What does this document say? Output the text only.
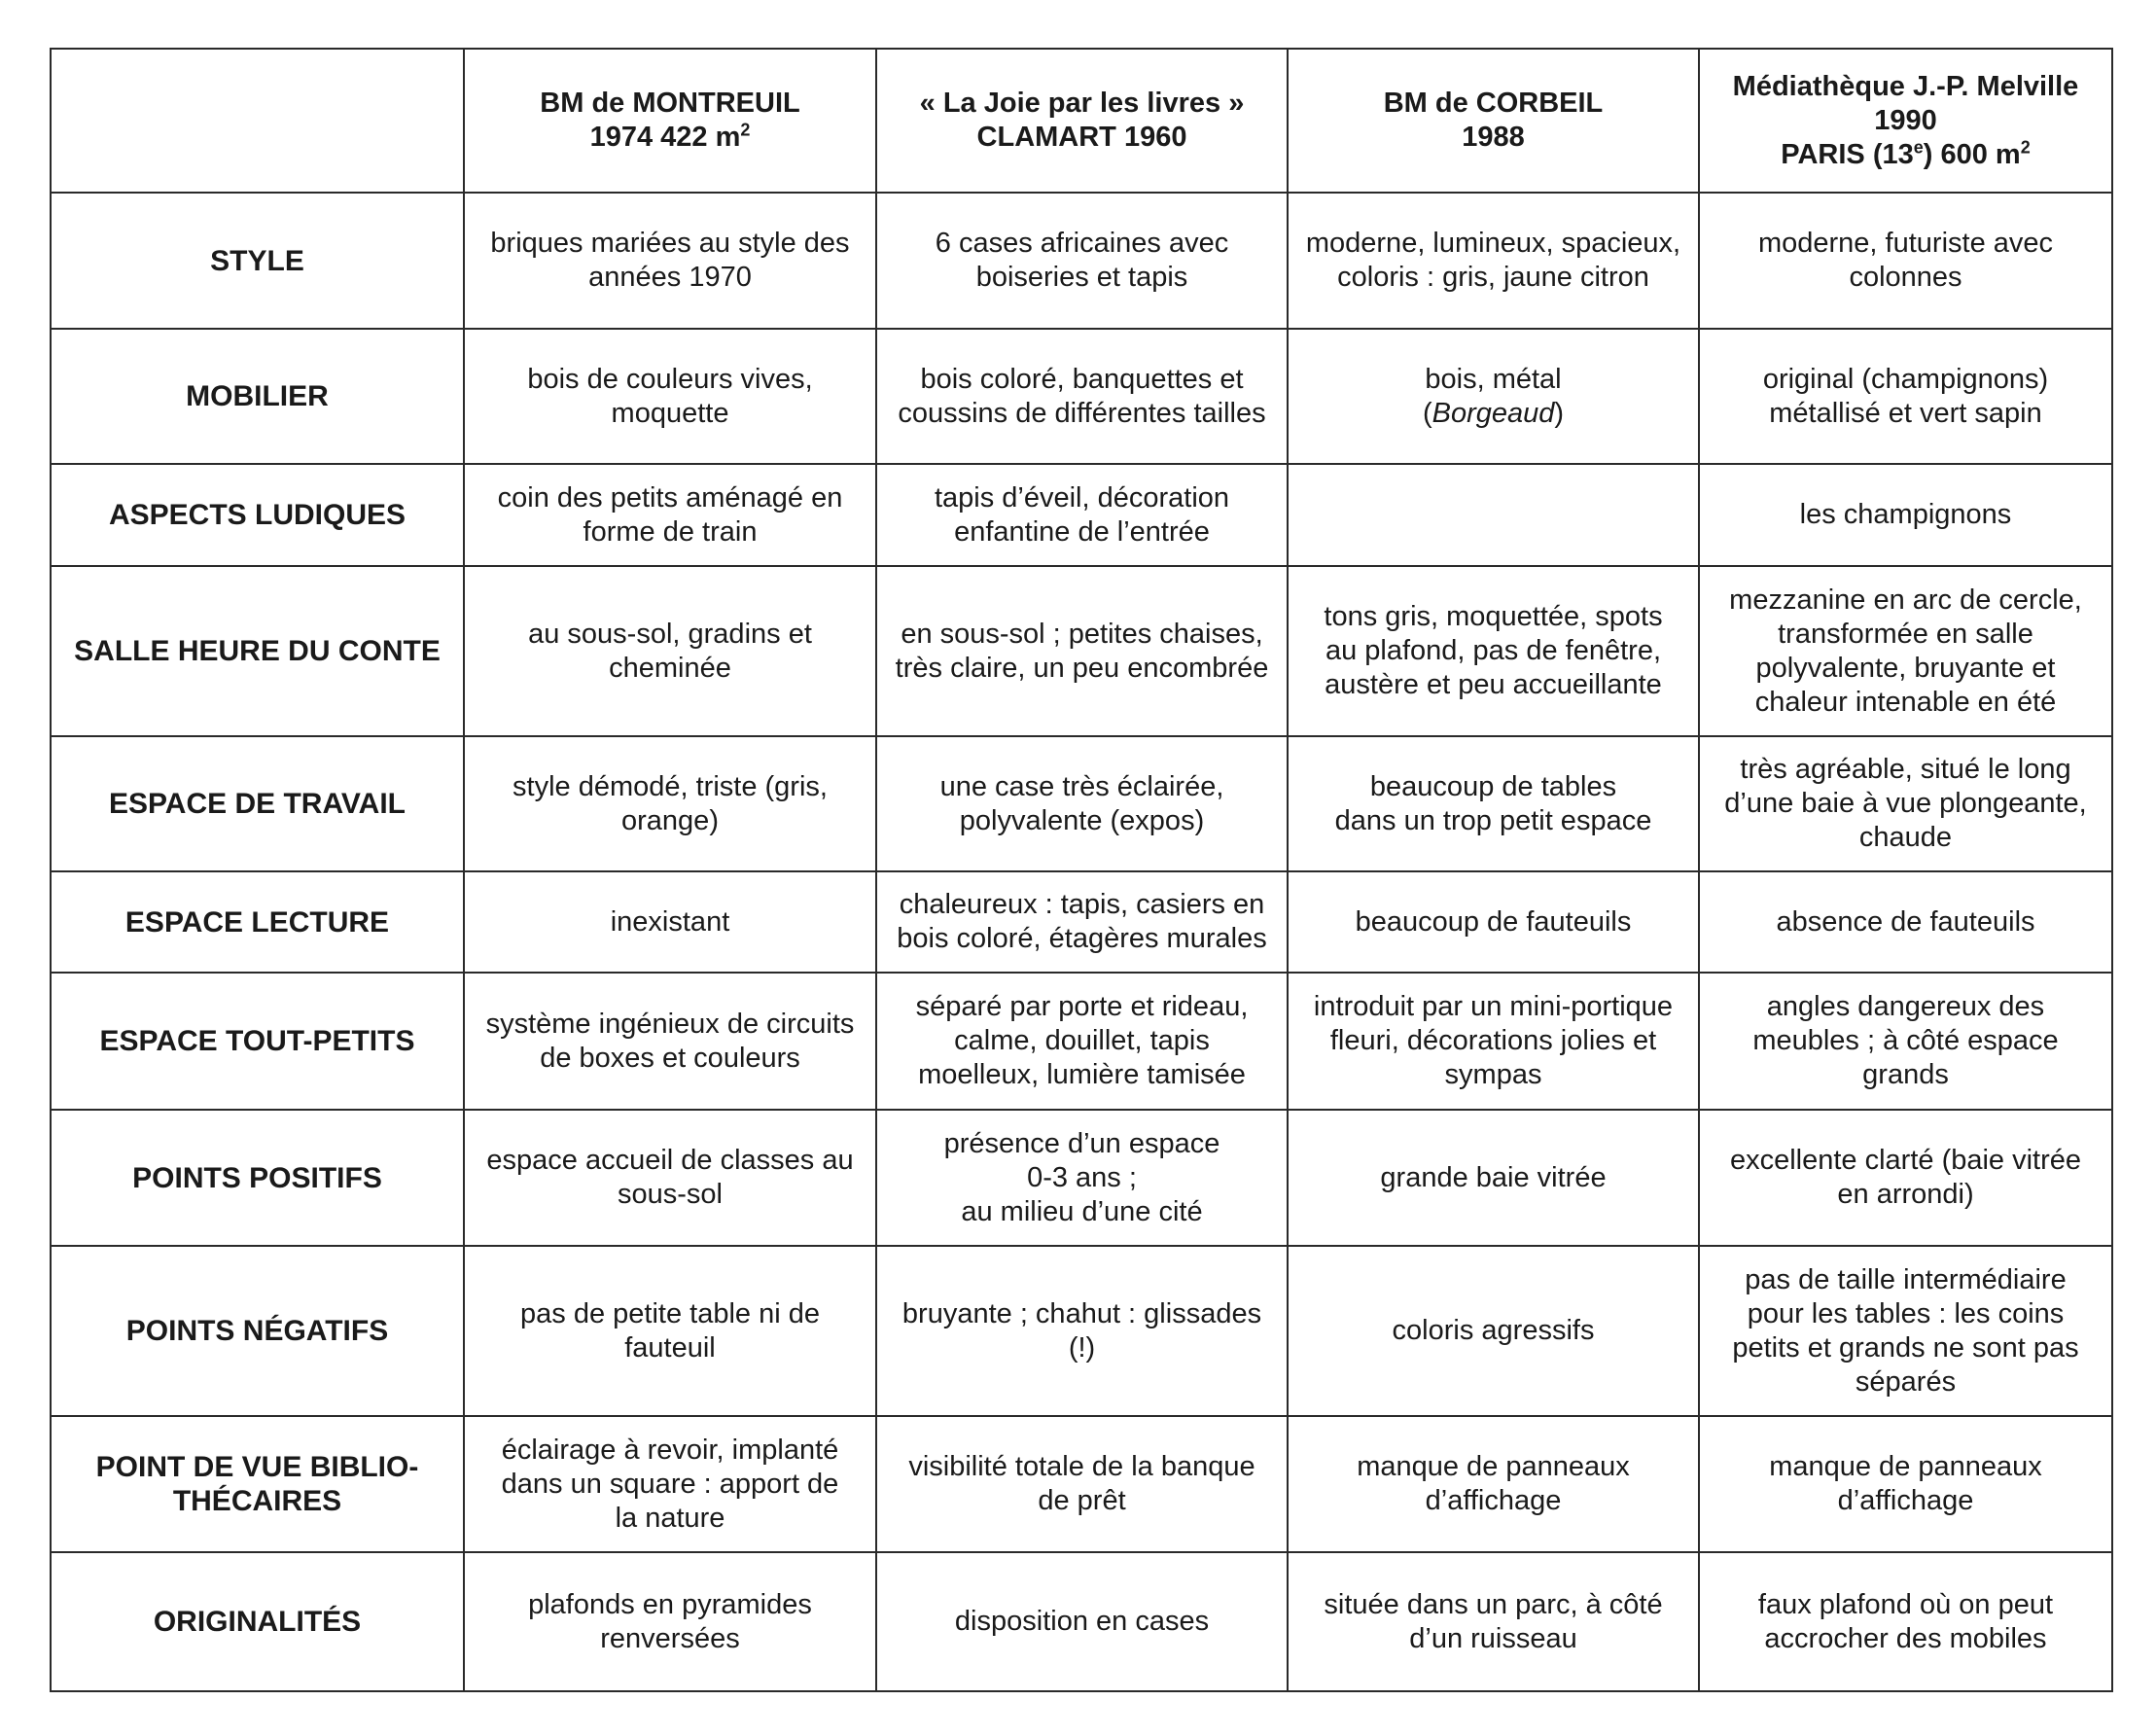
	BM de MONTREUIL
1974 422 $m^2$	« La Joie par les livres »
CLAMART 1960	BM de CORBEIL
1988	Médiathèque J.-P. Melville
1990
PARIS (13e) 600 $m^2$

STYLE	briques mariées au style des
années 1970	6 cases africaines avec
boiseries et tapis	moderne, lumineux, spacieux,
coloris : gris, jaune citron	moderne, futuriste avec
colonnes

MOBILIER	bois de couleurs vives,
moquette	bois coloré, banquettes et
coussins de différentes tailles	bois, métal
(Borgeaud)	original (champignons)
métallisé et vert sapin

ASPECTS LUDIQUES	coin des petits aménagé en
forme de train	tapis d’éveil, décoration
enfantine de l’entrée		les champignons

SALLE HEURE DU CONTE	au sous-sol, gradins et
cheminée	en sous-sol ; petites chaises,
très claire, un peu encombrée	tons gris, moquettée, spots
au plafond, pas de fenêtre,
austère et peu accueillante	mezzanine en arc de cercle,
transformée en salle
polyvalente, bruyante et
chaleur intenable en été

ESPACE DE TRAVAIL	style démodé, triste (gris,
orange)	une case très éclairée,
polyvalente (expos)	beaucoup de tables
dans un trop petit espace	très agréable, situé le long
d’une baie à vue plongeante,
chaude

ESPACE LECTURE	inexistant	chaleureux : tapis, casiers en
bois coloré, étagères murales	beaucoup de fauteuils	absence de fauteuils

ESPACE TOUT-PETITS	système ingénieux de circuits
de boxes et couleurs	séparé par porte et rideau,
calme, douillet, tapis
moelleux, lumière tamisée	introduit par un mini-portique
fleuri, décorations jolies et
sympas	angles dangereux des
meubles ; à côté espace
grands

POINTS POSITIFS	espace accueil de classes au
sous-sol	présence d’un espace
0-3 ans ;
au milieu d’une cité	grande baie vitrée	excellente clarté (baie vitrée
en arrondi)

POINTS NÉGATIFS	pas de petite table ni de
fauteuil	bruyante ; chahut : glissades
(!)	coloris agressifs	pas de taille intermédiaire
pour les tables : les coins
petits et grands ne sont pas
séparés

POINT DE VUE BIBLIO-
THÉCAIRES	éclairage à revoir, implanté
dans un square : apport de
la nature	visibilité totale de la banque
de prêt	manque de panneaux
d’affichage	manque de panneaux
d’affichage

ORIGINALITÉS	plafonds en pyramides
renversées	disposition en cases	située dans un parc, à côté
d’un ruisseau	faux plafond où on peut
accrocher des mobiles
